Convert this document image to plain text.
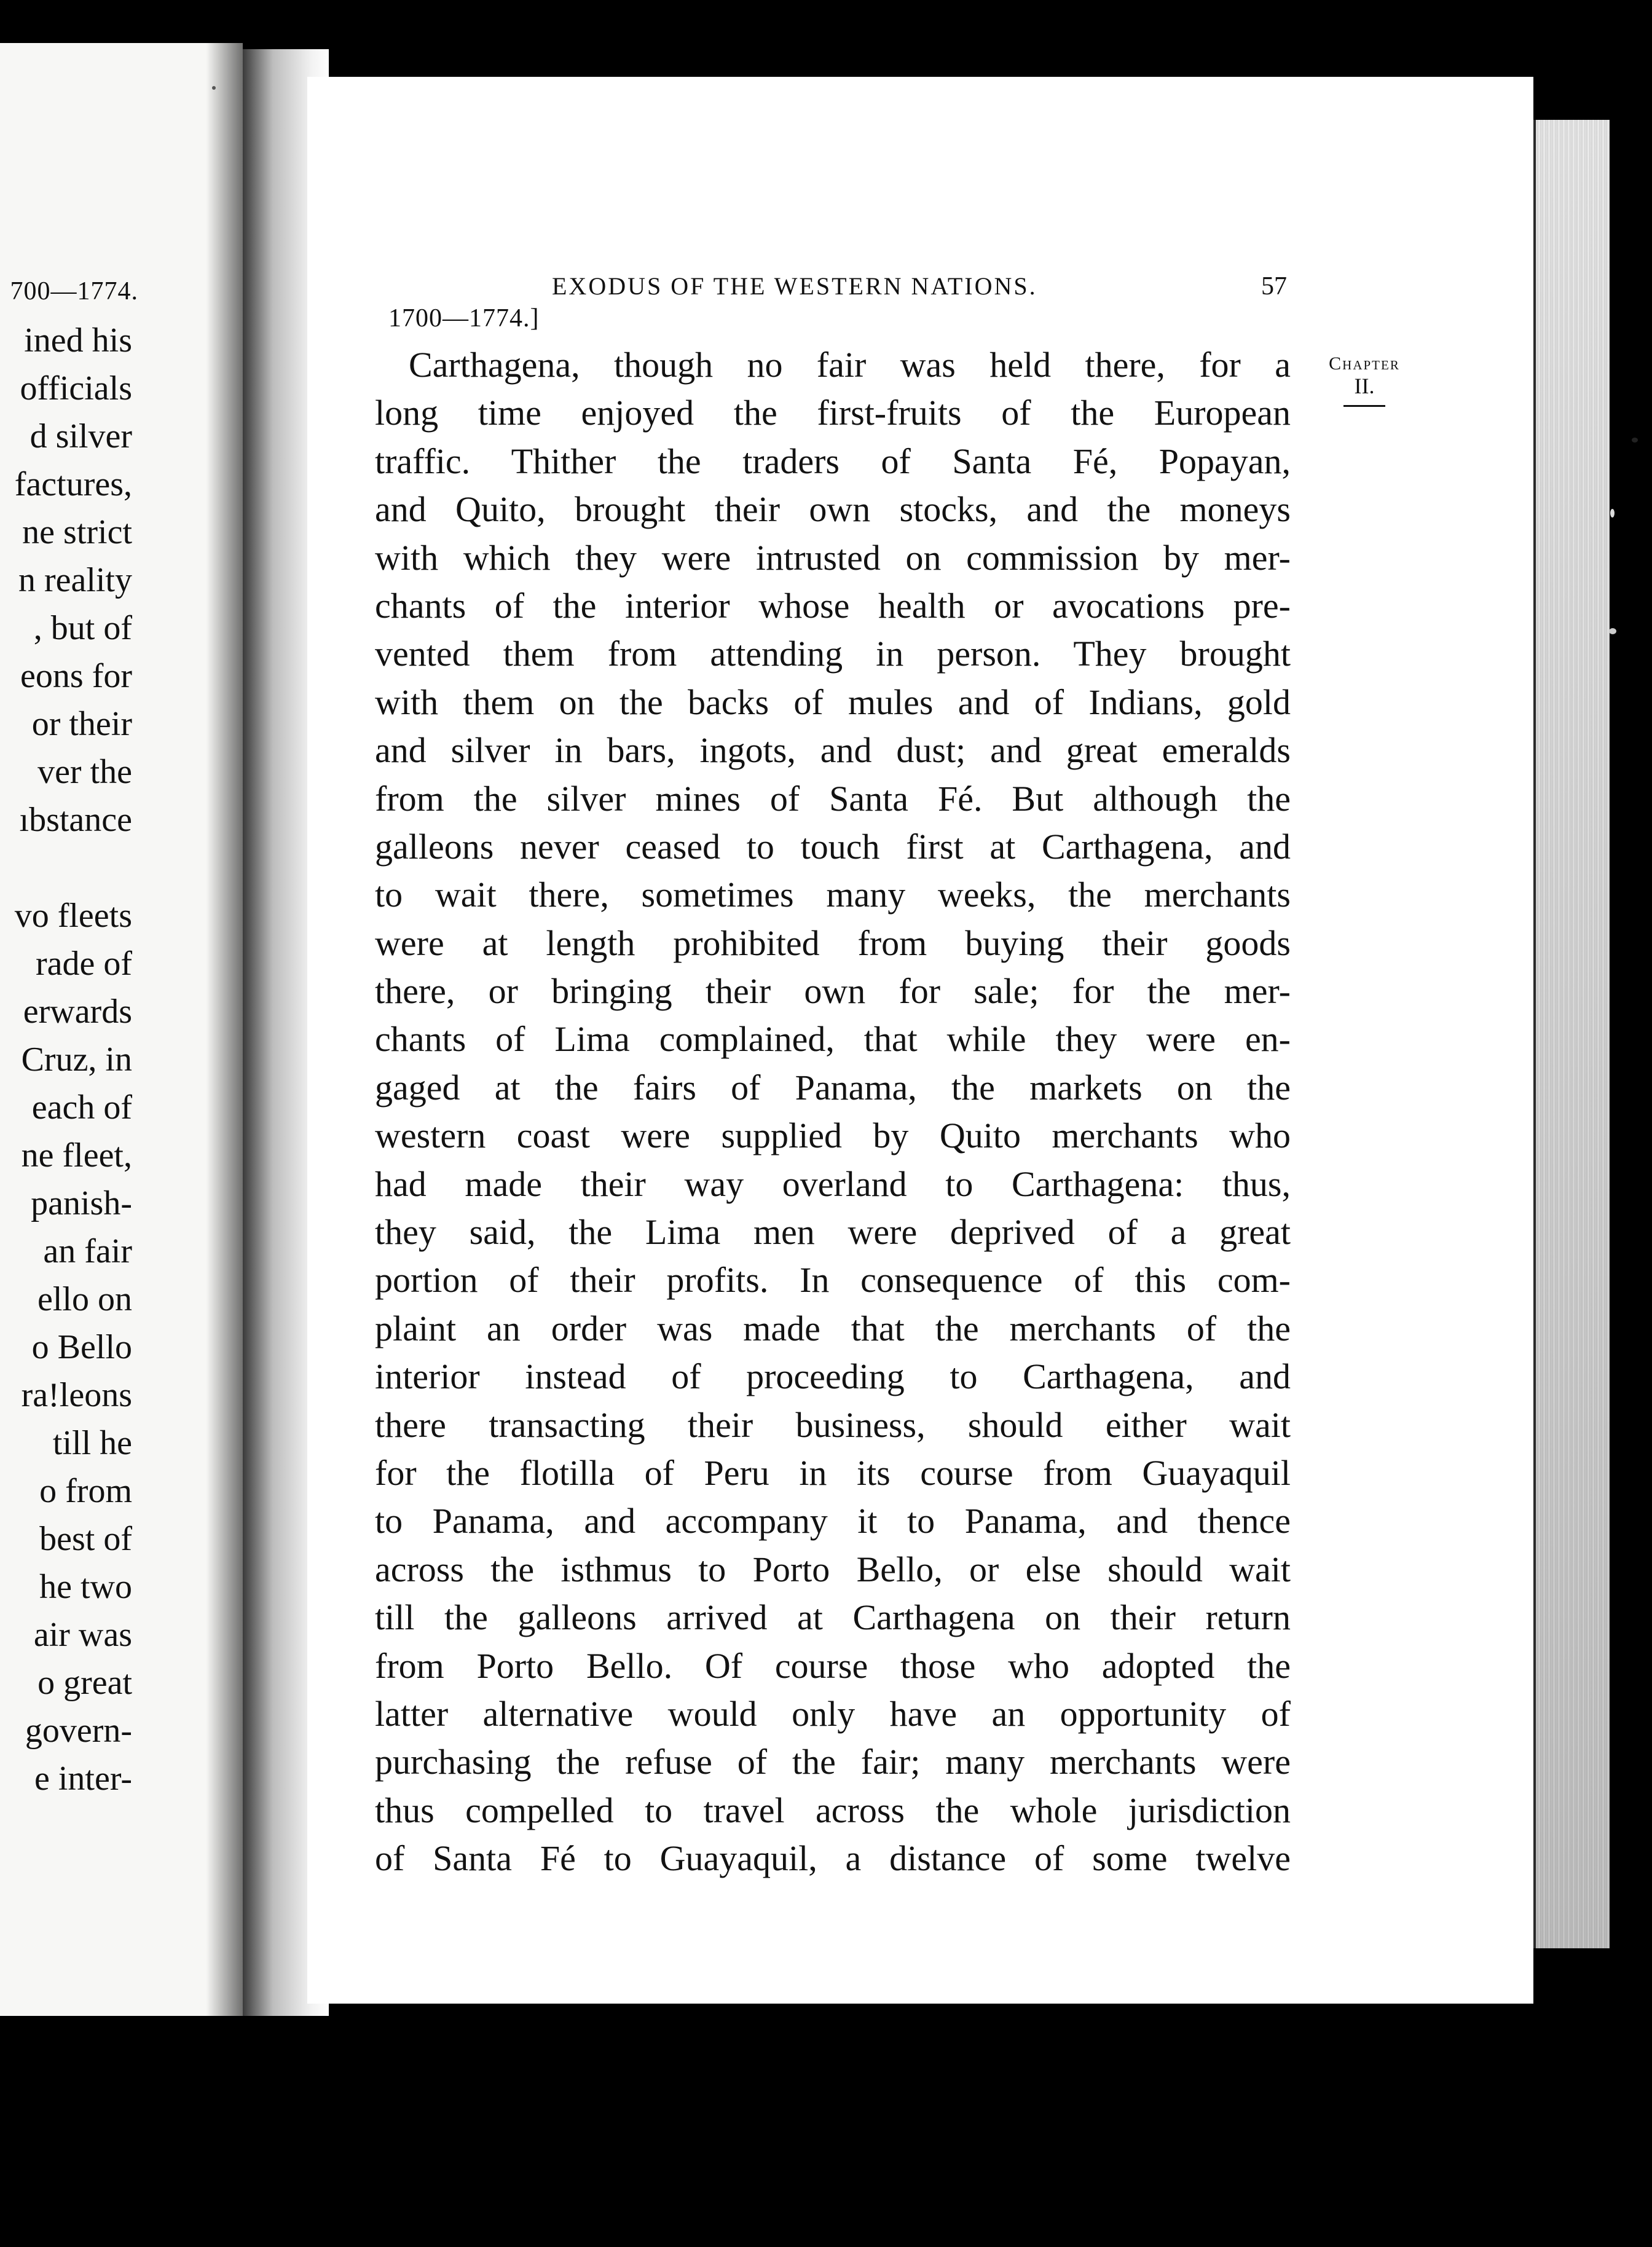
700—1774.
ined his
officials
d silver
factures,
ne strict
n reality
, but of
eons for
or their
ver the
ıbstance
vo fleets
rade of
erwards
Cruz, in
each of
ne fleet,
panish-
an fair
ello on
o Bello
ra!leons
till he
o from
best of
he two
air was
o great
govern-
e inter-
EXODUS OF THE WESTERN NATIONS.	57
1700—1774.]
Chapter
II.
Carthagena, though no fair was held there, for a
long time enjoyed the first-fruits of the European
traffic. Thither the traders of Santa Fé, Popayan,
and Quito, brought their own stocks, and the moneys
with which they were intrusted on commission by mer-
chants of the interior whose health or avocations pre-
vented them from attending in person. They brought
with them on the backs of mules and of Indians, gold
and silver in bars, ingots, and dust; and great emeralds
from the silver mines of Santa Fé. But although the
galleons never ceased to touch first at Carthagena, and
to wait there, sometimes many weeks, the merchants
were at length prohibited from buying their goods
there, or bringing their own for sale; for the mer-
chants of Lima complained, that while they were en-
gaged at the fairs of Panama, the markets on the
western coast were supplied by Quito merchants who
had made their way overland to Carthagena: thus,
they said, the Lima men were deprived of a great
portion of their profits. In consequence of this com-
plaint an order was made that the merchants of the
interior instead of proceeding to Carthagena, and
there transacting their business, should either wait
for the flotilla of Peru in its course from Guayaquil
to Panama, and accompany it to Panama, and thence
across the isthmus to Porto Bello, or else should wait
till the galleons arrived at Carthagena on their return
from Porto Bello. Of course those who adopted the
latter alternative would only have an opportunity of
purchasing the refuse of the fair; many merchants were
thus compelled to travel across the whole jurisdiction
of Santa Fé to Guayaquil, a distance of some twelve
